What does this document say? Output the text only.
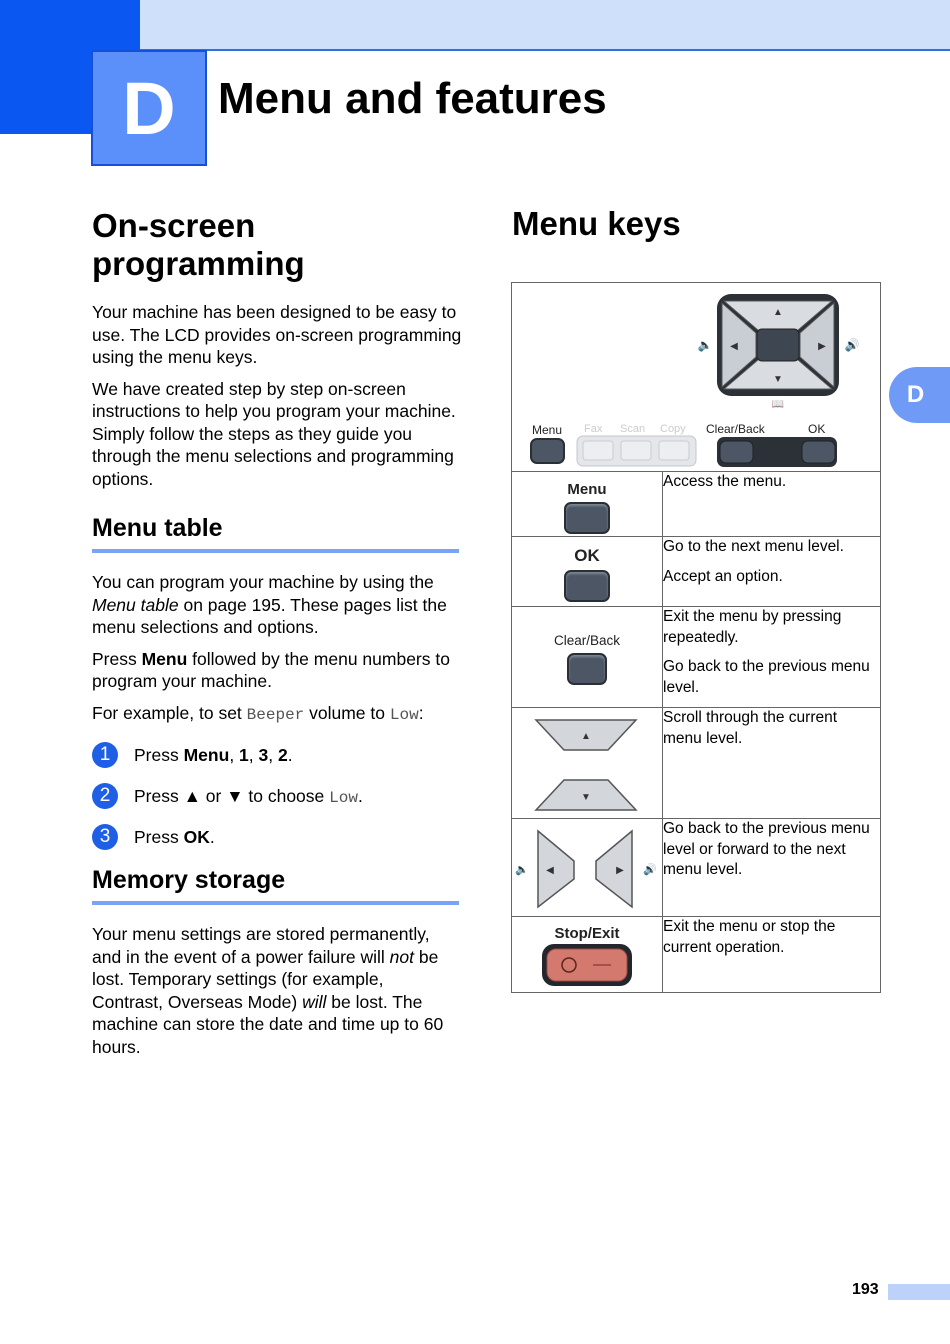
D Menu and features
D
On-screen
programming

Your machine has been designed to be easy to use. The LCD provides on-screen programming using the menu keys.

We have created step by step on-screen instructions to help you program your machine. Simply follow the steps as they guide you through the menu selections and programming options.

Menu table

You can program your machine by using the Menu table on page 195. These pages list the menu selections and options.

Press Menu followed by the menu numbers to program your machine.

For example, to set Beeper volume to Low:

1	Press Menu, 1, 3, 2.
2	Press ▲ or ▼ to choose Low.
3	Press OK.
Memory storage

Your menu settings are stored permanently, and in the event of a power failure will not be lost. Temporary settings (for example, Contrast, Overseas Mode) will be lost. The machine can store the date and time up to 60 hours.

Menu keys
▲
▼
◀	▶
🔈	🔊
📖
Menu Fax Scan Copy Clear/Back	OK
Menu	Access the menu.

OK	Go to the next menu level.

Accept an option.

Clear/Back	Exit the menu by pressing repeatedly.

Go back to the previous menu level.

▲
▼	Scroll through the current menu level.

🔈 ◀ ▶ 🔊	Go back to the previous menu level or forward to the next menu level.

Stop/Exit	Exit the menu or stop the current operation.

193
